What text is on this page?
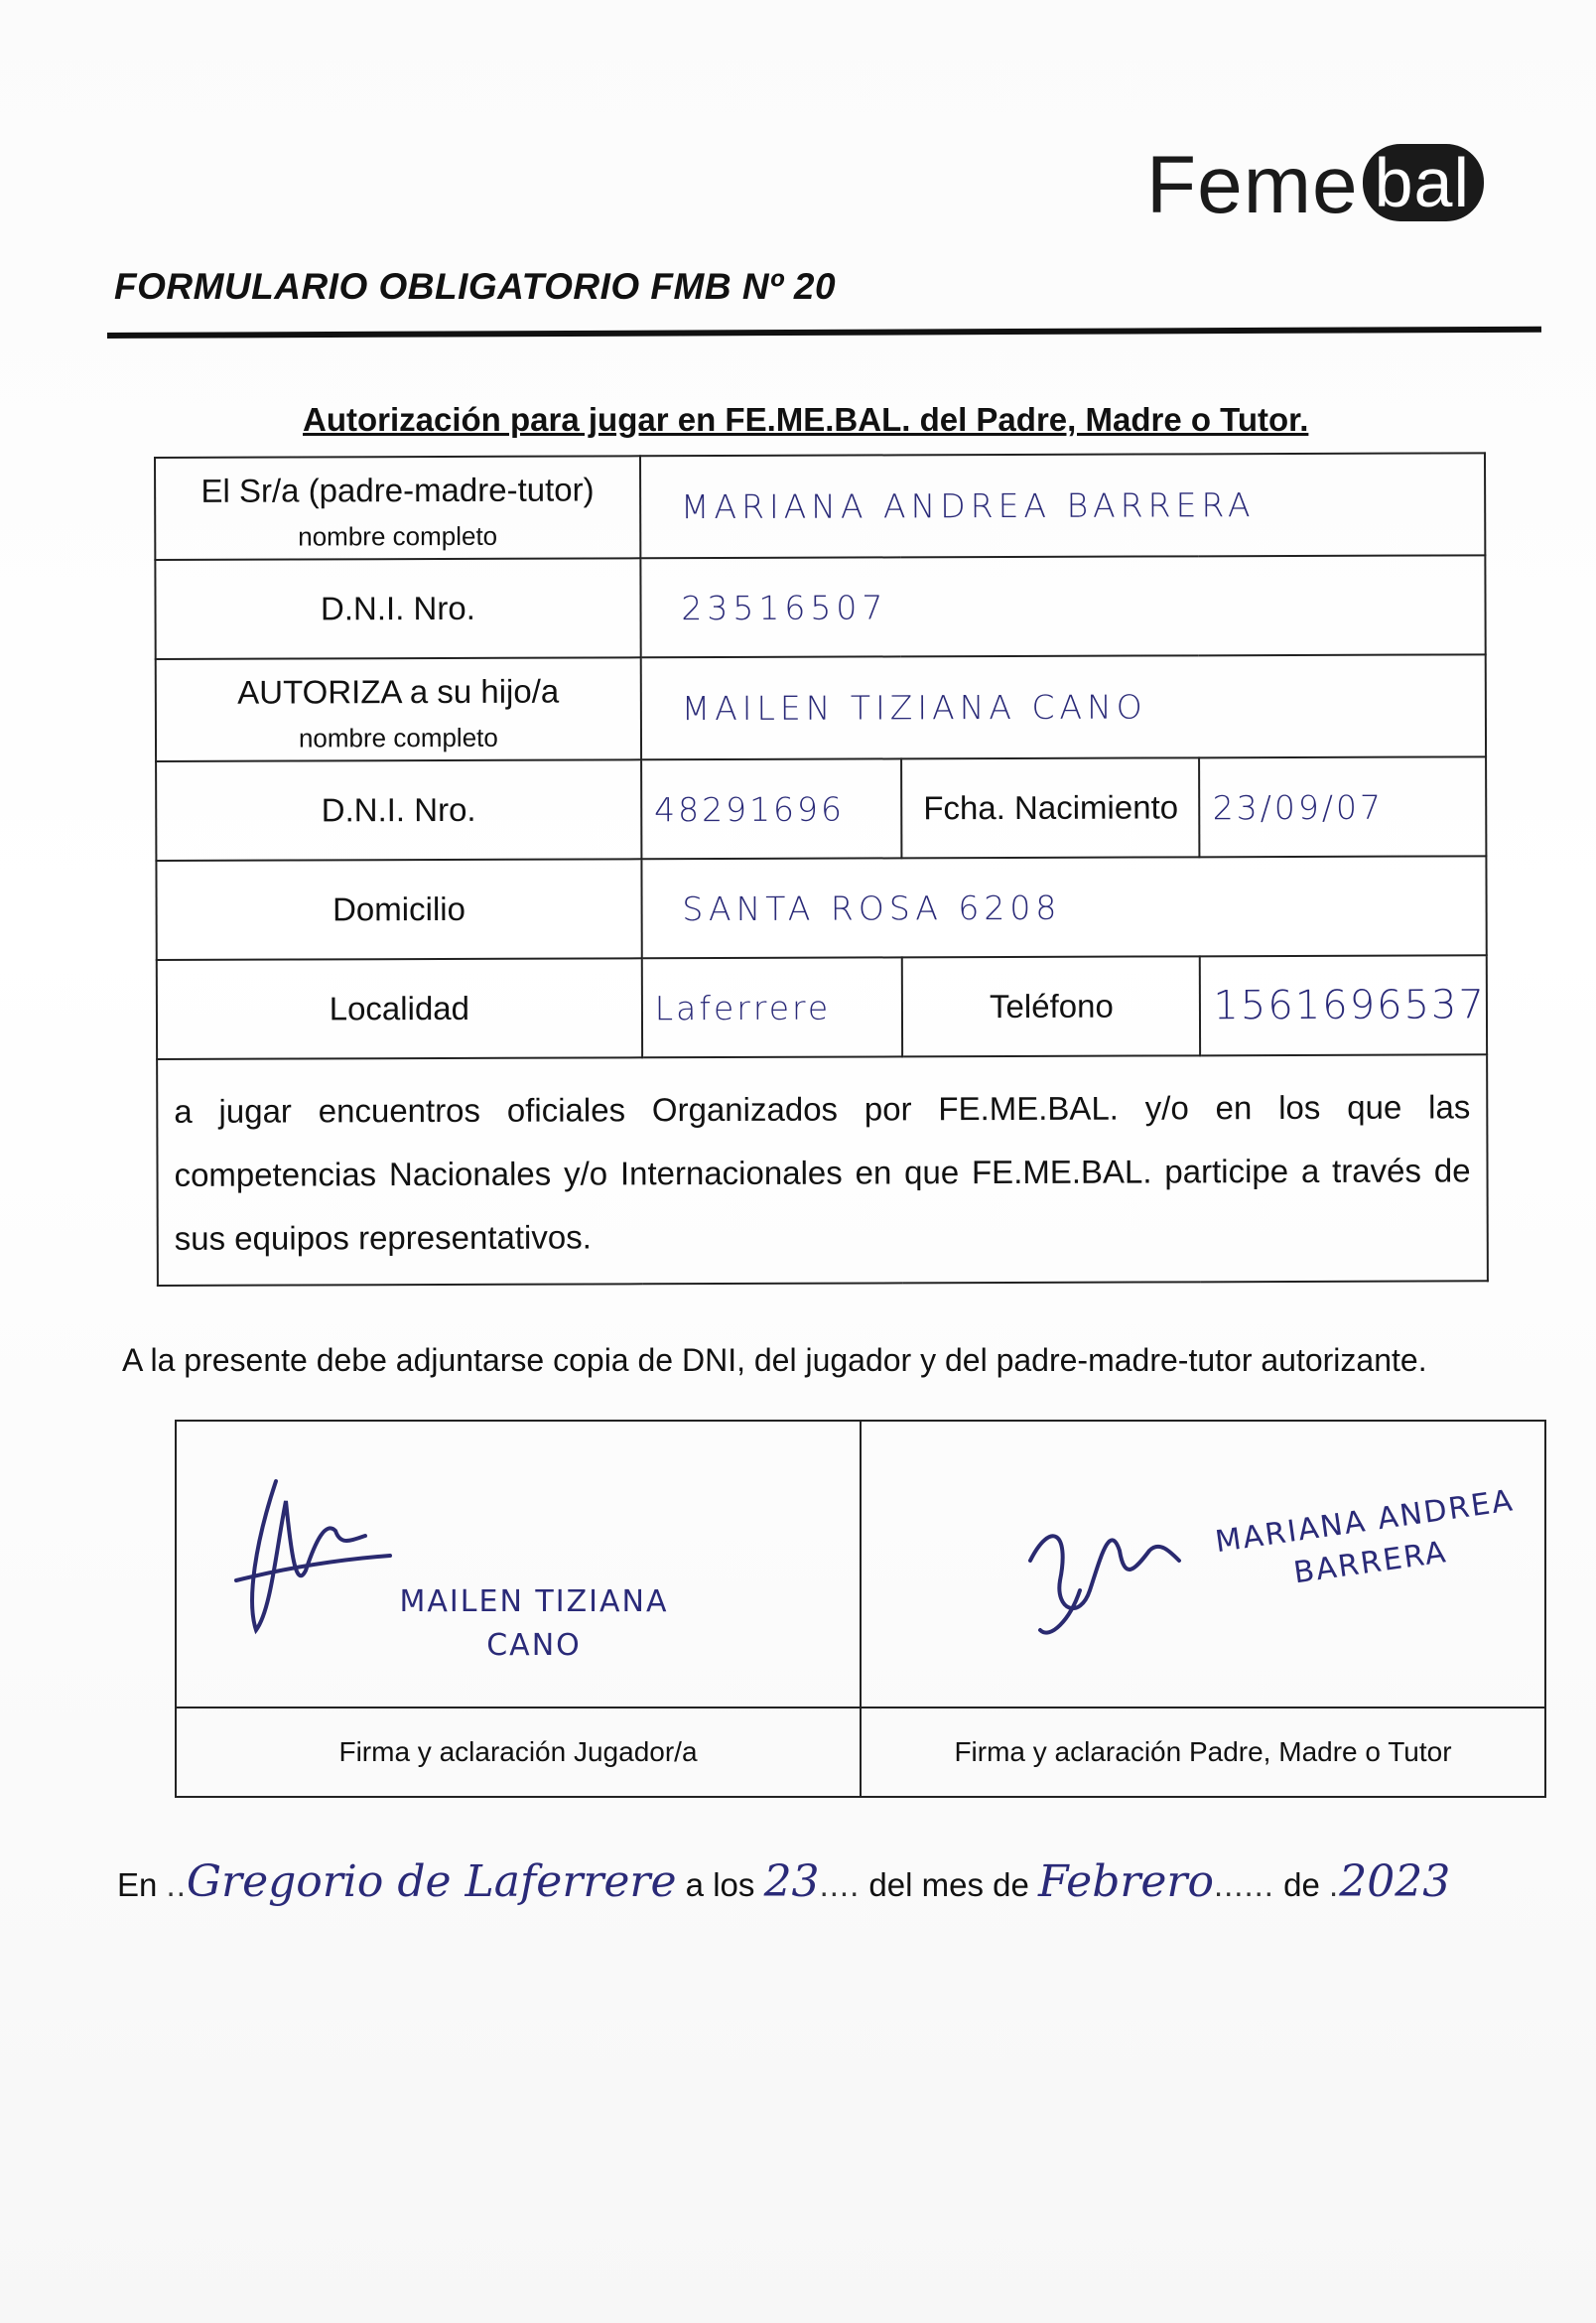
Feme bal
FORMULARIO OBLIGATORIO FMB Nº 20
Autorización para jugar en FE.ME.BAL. del Padre, Madre o Tutor.
El Sr/a (padre-madre-tutor)
nombre completo	MARIANA ANDREA BARRERA		
D.N.I. Nro.	23516507		

AUTORIZA a su hijo/a
nombre completo	MAILEN TIZIANA CANO		
D.N.I. Nro.	48291696	Fcha. Nacimiento	23/09/07
Domicilio	SANTA ROSA 6208		
Localidad	Laferrere	Teléfono	1561696537
a jugar encuentros oficiales Organizados por FE.ME.BAL. y/o en los que las competencias Nacionales y/o Internacionales en que FE.ME.BAL. participe a través de sus equipos representativos.			
A la presente debe adjuntarse copia de DNI, del jugador y del padre-madre-tutor autorizante.
MAILEN TIZIANA CANO	MARIANA ANDREA BARRERA

Firma y aclaración Jugador/a	Firma y aclaración Padre, Madre o Tutor
En ..Gregorio de Laferrere a los 23.... del mes de Febrero...... de .2023
